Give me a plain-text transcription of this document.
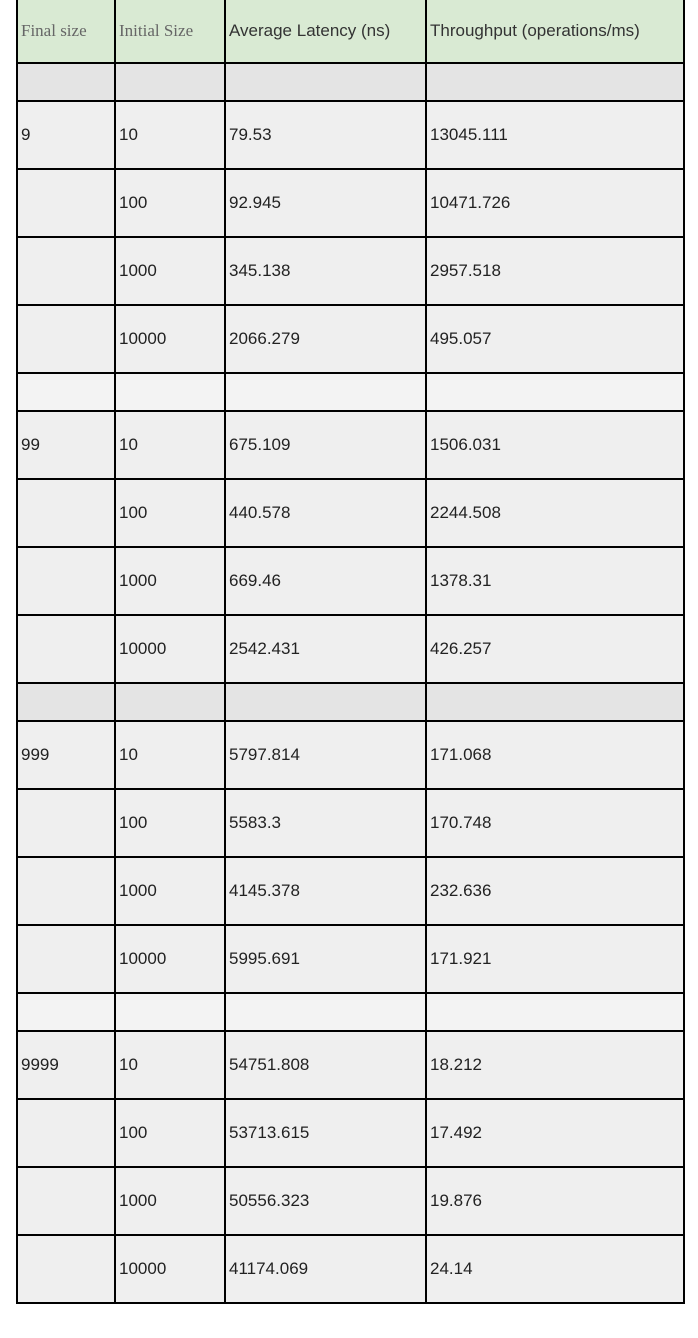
Final size	Initial Size	Average Latency (ns)	Throughput (operations/ms)

9	10	79.53	13045.111
	100	92.945	10471.726
	1000	345.138	2957.518
	10000	2066.279	495.057

99	10	675.109	1506.031
	100	440.578	2244.508
	1000	669.46	1378.31
	10000	2542.431	426.257

999	10	5797.814	171.068
	100	5583.3	170.748
	1000	4145.378	232.636
	10000	5995.691	171.921

9999	10	54751.808	18.212
	100	53713.615	17.492
	1000	50556.323	19.876
	10000	41174.069	24.14
